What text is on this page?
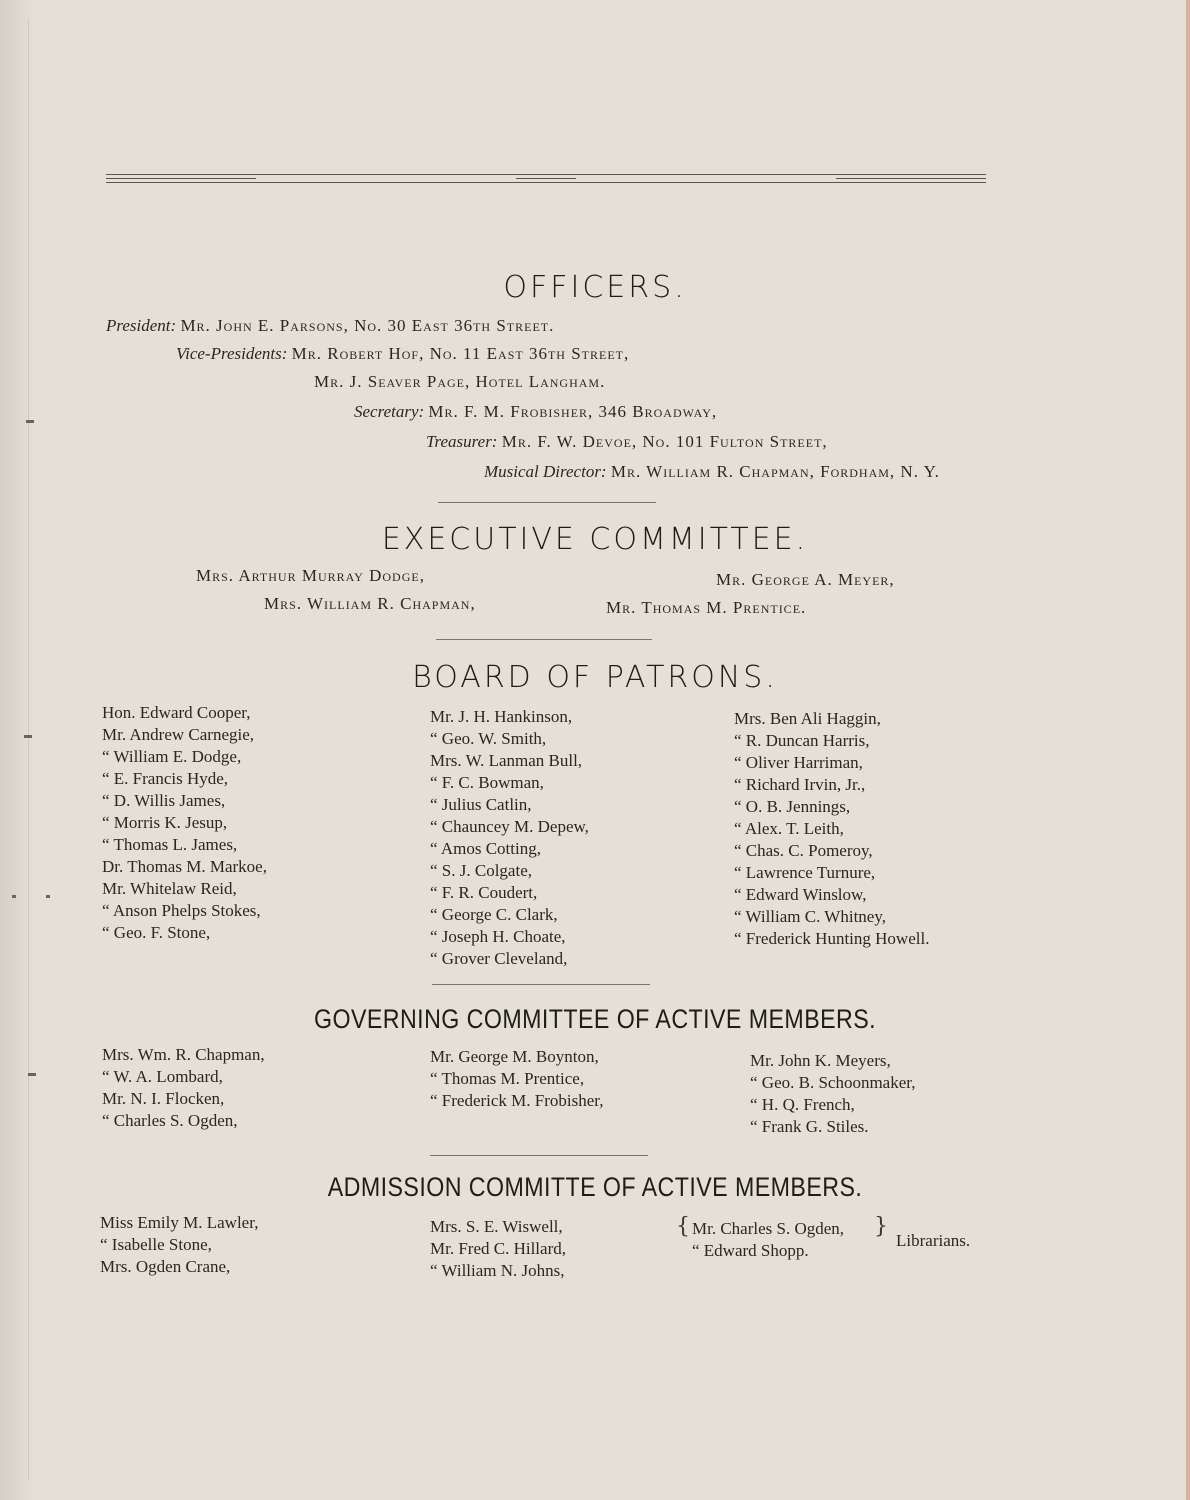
OFFICERS.
President: Mr. John E. Parsons, No. 30 East 36th Street.
Vice-Presidents: Mr. Robert Hof, No. 11 East 36th Street,
Mr. J. Seaver Page, Hotel Langham.
Secretary: Mr. F. M. Frobisher, 346 Broadway,
Treasurer: Mr. F. W. Devoe, No. 101 Fulton Street,
Musical Director: Mr. William R. Chapman, Fordham, N. Y.
EXECUTIVE COMMITTEE.
Mrs. Arthur Murray Dodge,	Mr. George A. Meyer,
Mrs. William R. Chapman,	Mr. Thomas M. Prentice.
BOARD OF PATRONS.
Hon. Edward Cooper,
Mr. Andrew Carnegie,
“ William E. Dodge,
“ E. Francis Hyde,
“ D. Willis James,
“ Morris K. Jesup,
“ Thomas L. James,
Dr. Thomas M. Markoe,
Mr. Whitelaw Reid,
“ Anson Phelps Stokes,
“ Geo. F. Stone,
Mr. J. H. Hankinson,
“ Geo. W. Smith,
Mrs. W. Lanman Bull,
“ F. C. Bowman,
“ Julius Catlin,
“ Chauncey M. Depew,
“ Amos Cotting,
“ S. J. Colgate,
“ F. R. Coudert,
“ George C. Clark,
“ Joseph H. Choate,
“ Grover Cleveland,
Mrs. Ben Ali Haggin,
“ R. Duncan Harris,
“ Oliver Harriman,
“ Richard Irvin, Jr.,
“ O. B. Jennings,
“ Alex. T. Leith,
“ Chas. C. Pomeroy,
“ Lawrence Turnure,
“ Edward Winslow,
“ William C. Whitney,
“ Frederick Hunting Howell.
GOVERNING COMMITTEE OF ACTIVE MEMBERS.
Mrs. Wm. R. Chapman,
“ W. A. Lombard,
Mr. N. I. Flocken,
“ Charles S. Ogden,
Mr. George M. Boynton,
“ Thomas M. Prentice,
“ Frederick M. Frobisher,
Mr. John K. Meyers,
“ Geo. B. Schoonmaker,
“ H. Q. French,
“ Frank G. Stiles.
ADMISSION COMMITTE OF ACTIVE MEMBERS.
Miss Emily M. Lawler,
“ Isabelle Stone,
Mrs. Ogden Crane,
Mrs. S. E. Wiswell,
Mr. Fred C. Hillard,
“ William N. Johns,
{ Mr. Charles S. Ogden,
“ Edward Shopp.
}
Librarians.
